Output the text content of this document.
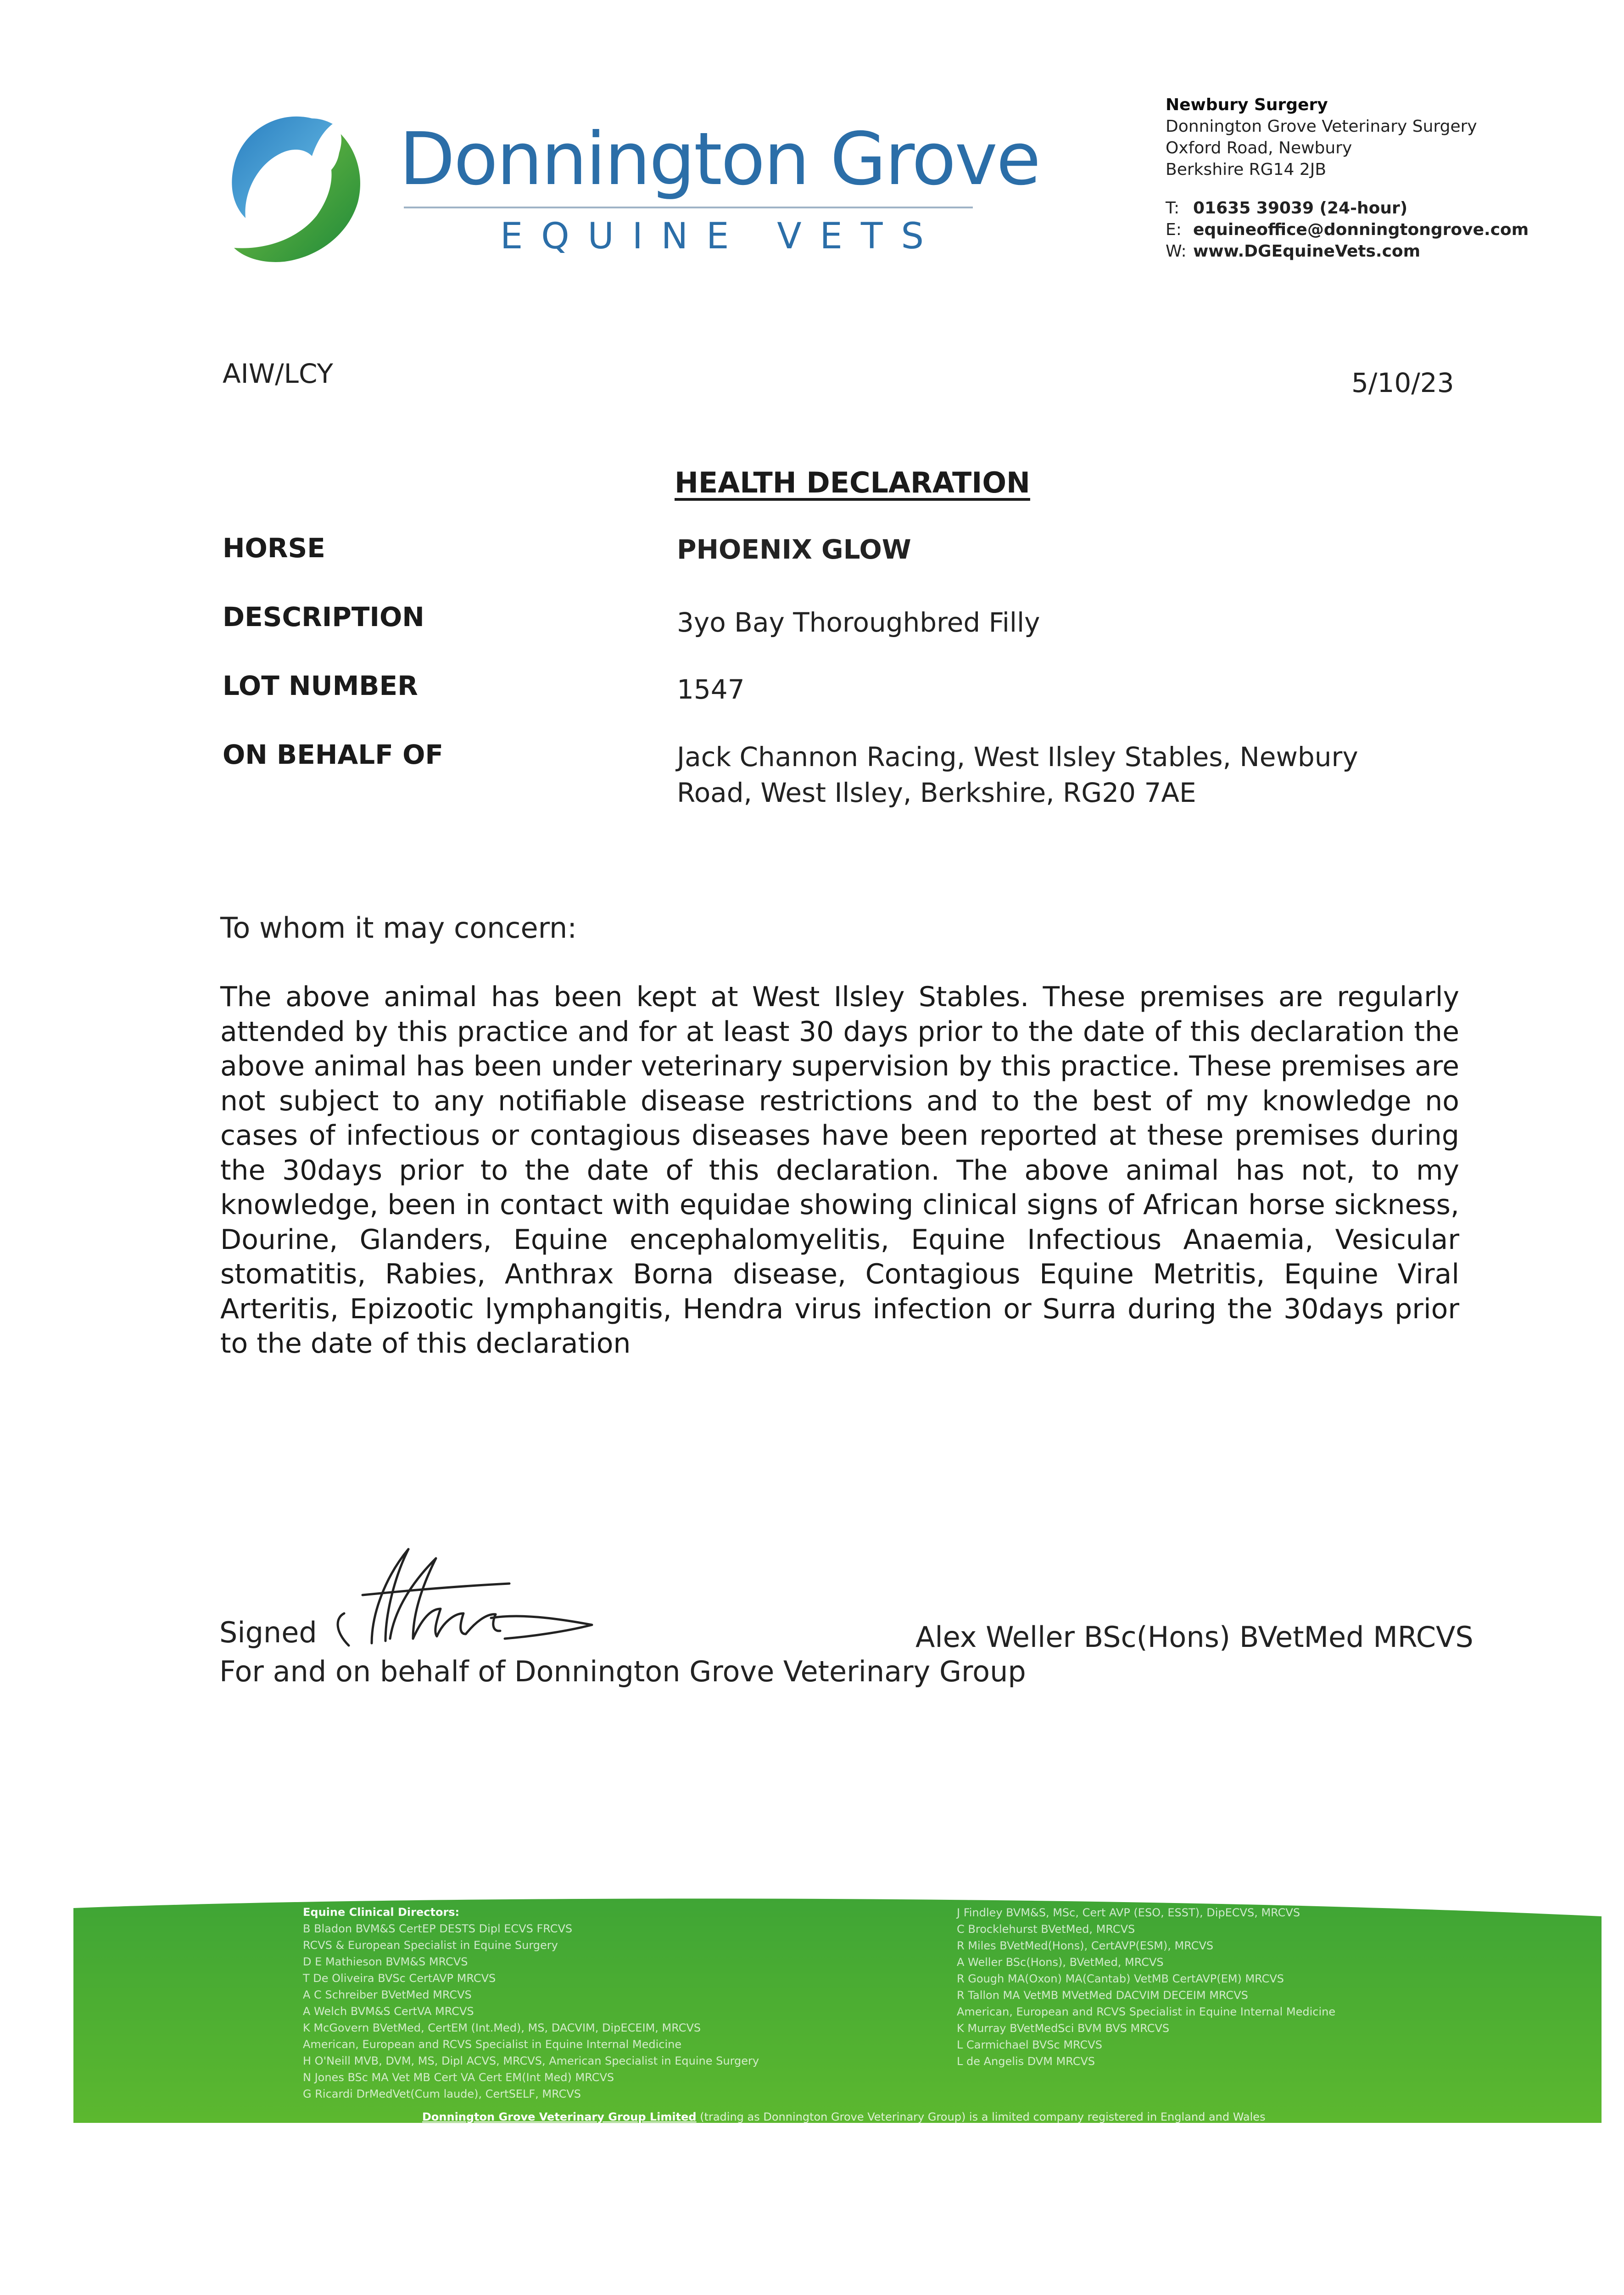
Donnington Grove
EQUINE VETS
Newbury Surgery
Donnington Grove Veterinary Surgery
Oxford Road, Newbury
Berkshire RG14 2JB
T: 01635 39039 (24-hour)
E: equineoffice@donningtongrove.com
W: www.DGEquineVets.com
AIW/LCY	5/10/23
HEALTH DECLARATION
HORSE	PHOENIX GLOW
DESCRIPTION	3yo Bay Thoroughbred Filly
LOT NUMBER	1547
ON BEHALF OF	Jack Channon Racing, West Ilsley Stables, Newbury Road, West Ilsley, Berkshire, RG20 7AE
To whom it may concern:
The above animal has been kept at West Ilsley Stables. These premises are regularly attended by this practice and for at least 30 days prior to the date of this declaration the above animal has been under veterinary supervision by this practice. These premises are not subject to any notifiable disease restrictions and to the best of my knowledge no cases of infectious or contagious diseases have been reported at these premises during the 30days prior to the date of this declaration. The above animal has not, to my knowledge, been in contact with equidae showing clinical signs of African horse sickness, Dourine, Glanders, Equine encephalomyelitis, Equine Infectious Anaemia, Vesicular stomatitis, Rabies, Anthrax Borna disease, Contagious Equine Metritis, Equine Viral Arteritis, Epizootic lymphangitis, Hendra virus infection or Surra during the 30days prior to the date of this declaration
Signed	Alex Weller BSc(Hons) BVetMed MRCVS
For and on behalf of Donnington Grove Veterinary Group
Equine Clinical Directors:
B Bladon BVM&S CertEP DESTS Dipl ECVS FRCVS
RCVS & European Specialist in Equine Surgery
D E Mathieson BVM&S MRCVS
T De Oliveira BVSc CertAVP MRCVS
A C Schreiber BVetMed MRCVS
A Welch BVM&S CertVA MRCVS
K McGovern BVetMed, CertEM (Int.Med), MS, DACVIM, DipECEIM, MRCVS
American, European and RCVS Specialist in Equine Internal Medicine
H O'Neill MVB, DVM, MS, Dipl ACVS, MRCVS, American Specialist in Equine Surgery
N Jones BSc MA Vet MB Cert VA Cert EM(Int Med) MRCVS
G Ricardi DrMedVet(Cum laude), CertSELF, MRCVS
Associates:
J Findley BVM&S, MSc, Cert AVP (ESO, ESST), DipECVS, MRCVS
C Brocklehurst BVetMed, MRCVS
R Miles BVetMed(Hons), CertAVP(ESM), MRCVS
A Weller BSc(Hons), BVetMed, MRCVS
R Gough MA(Oxon) MA(Cantab) VetMB CertAVP(EM) MRCVS
R Tallon MA VetMB MVetMed DACVIM DECEIM MRCVS
American, European and RCVS Specialist in Equine Internal Medicine
K Murray BVetMedSci BVM BVS MRCVS
L Carmichael BVSc MRCVS
L de Angelis DVM MRCVS
Donnington Grove Veterinary Group Limited (trading as Donnington Grove Veterinary Group) is a limited company registered in England and Wales
